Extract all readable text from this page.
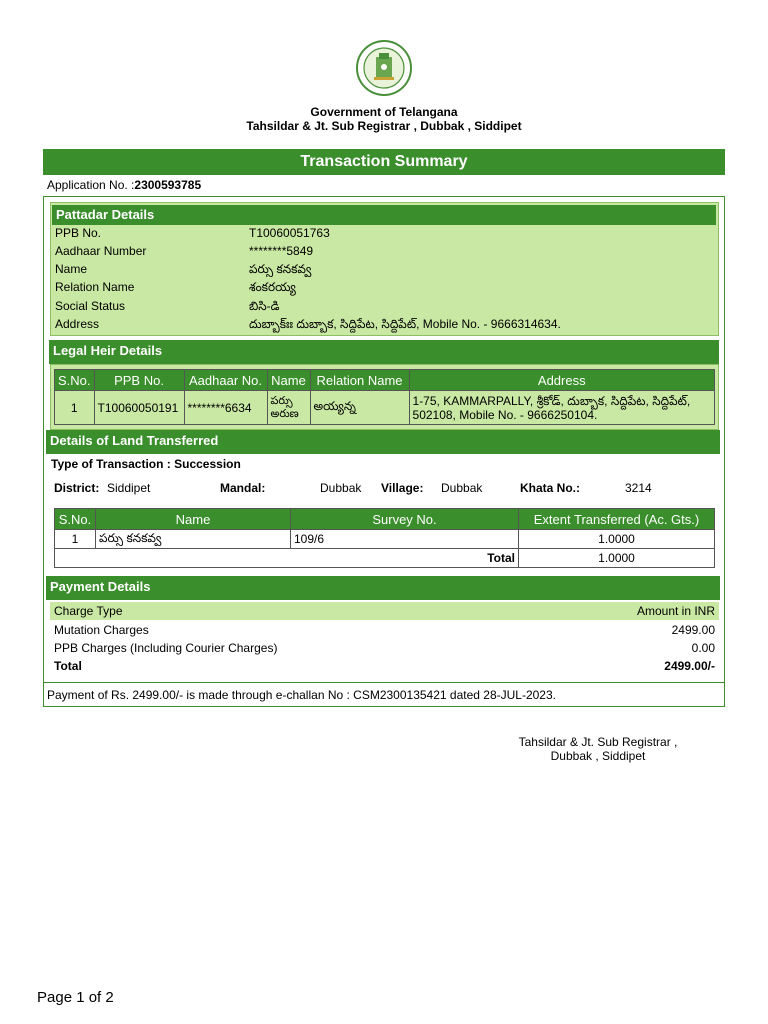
Government of Telangana
Tahsildar & Jt. Sub Registrar , Dubbak , Siddipet
Transaction Summary
Application No. :2300593785
Pattadar Details
PPB No.	T10060051763
Aadhaar Number	********5849
Name	పర్సు కనకవ్వ
Relation Name	శంకరయ్య
Social Status	బిసి-డి
Address	దుబ్బాక్ఃః దుబ్బాక, సిద్దిపేట, సిద్దిపేట్, Mobile No. - 9666314634.
Legal Heir Details
S.No.	PPB No.	Aadhaar No.	Name	Relation Name	Address
1	T10060050191	********6634	పర్సు అరుణ	అయ్యన్న	1-75, KAMMARPALLY, శ్రీకోడ్, దుబ్బాక, సిద్దిపేట, సిద్దిపేట్, 502108, Mobile No. - 9666250104.
Details of Land Transferred
Type of Transaction : Succession
District: Siddipet	Mandal:	Dubbak Village: Dubbak	Khata No.:	3214
S.No.	Name	Survey No.	Extent Transferred (Ac. Gts.)
1	పర్సు కనకవ్వ	109/6	1.0000
Total			1.0000
Payment Details
Charge Type	Amount in INR
Mutation Charges	2499.00
PPB Charges (Including Courier Charges)	0.00
Total	2499.00/-
Payment of Rs. 2499.00/- is made through e-challan No : CSM2300135421 dated 28-JUL-2023.
Tahsildar & Jt. Sub Registrar ,
Dubbak , Siddipet
Page 1 of 2
